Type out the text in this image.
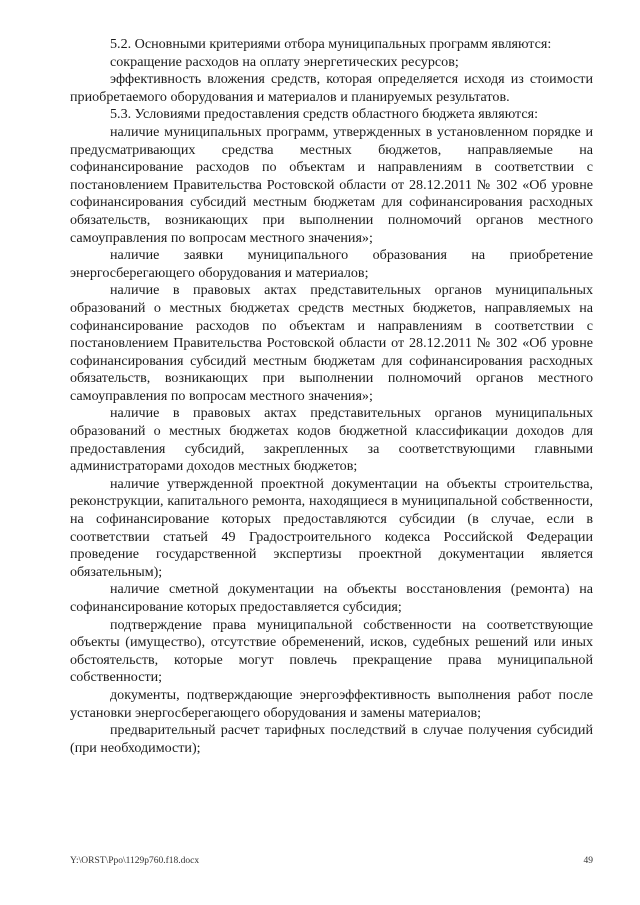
5.2. Основными критериями отбора муниципальных программ являются:

сокращение расходов на оплату энергетических ресурсов;

эффективность вложения средств, которая определяется исходя из стоимости приобретаемого оборудования и материалов и планируемых результатов.

5.3. Условиями предоставления средств областного бюджета являются:

наличие муниципальных программ, утвержденных в установленном порядке и предусматривающих средства местных бюджетов, направляемые на софинансирование расходов по объектам и направлениям в соответствии с постановлением Правительства Ростовской области от 28.12.2011 № 302 «Об уровне софинансирования субсидий местным бюджетам для софинансирования расходных обязательств, возникающих при выполнении полномочий органов местного самоуправления по вопросам местного значения»;

наличие заявки муниципального образования на приобретение энергосберегающего оборудования и материалов;

наличие в правовых актах представительных органов муниципальных образований о местных бюджетах средств местных бюджетов, направляемых на софинансирование расходов по объектам и направлениям в соответствии с постановлением Правительства Ростовской области от 28.12.2011 № 302 «Об уровне софинансирования субсидий местным бюджетам для софинансирования расходных обязательств, возникающих при выполнении полномочий органов местного самоуправления по вопросам местного значения»;

наличие в правовых актах представительных органов муниципальных образований о местных бюджетах кодов бюджетной классификации доходов для предоставления субсидий, закрепленных за соответствующими главными администраторами доходов местных бюджетов;

наличие утвержденной проектной документации на объекты строительства, реконструкции, капитального ремонта, находящиеся в муниципальной собственности, на софинансирование которых предоставляются субсидии (в случае, если в соответствии статьей 49 Градостроительного кодекса Российской Федерации проведение государственной экспертизы проектной документации является обязательным);

наличие сметной документации на объекты восстановления (ремонта) на софинансирование которых предоставляется субсидия;

подтверждение права муниципальной собственности на соответствующие объекты (имущество), отсутствие обременений, исков, судебных решений или иных обстоятельств, которые могут повлечь прекращение права муниципальной собственности;

документы, подтверждающие энергоэффективность выполнения работ после установки энергосберегающего оборудования и замены материалов;

предварительный расчет тарифных последствий в случае получения субсидий (при необходимости);

Y:\ORST\Ppo\1129p760.f18.docx	49
